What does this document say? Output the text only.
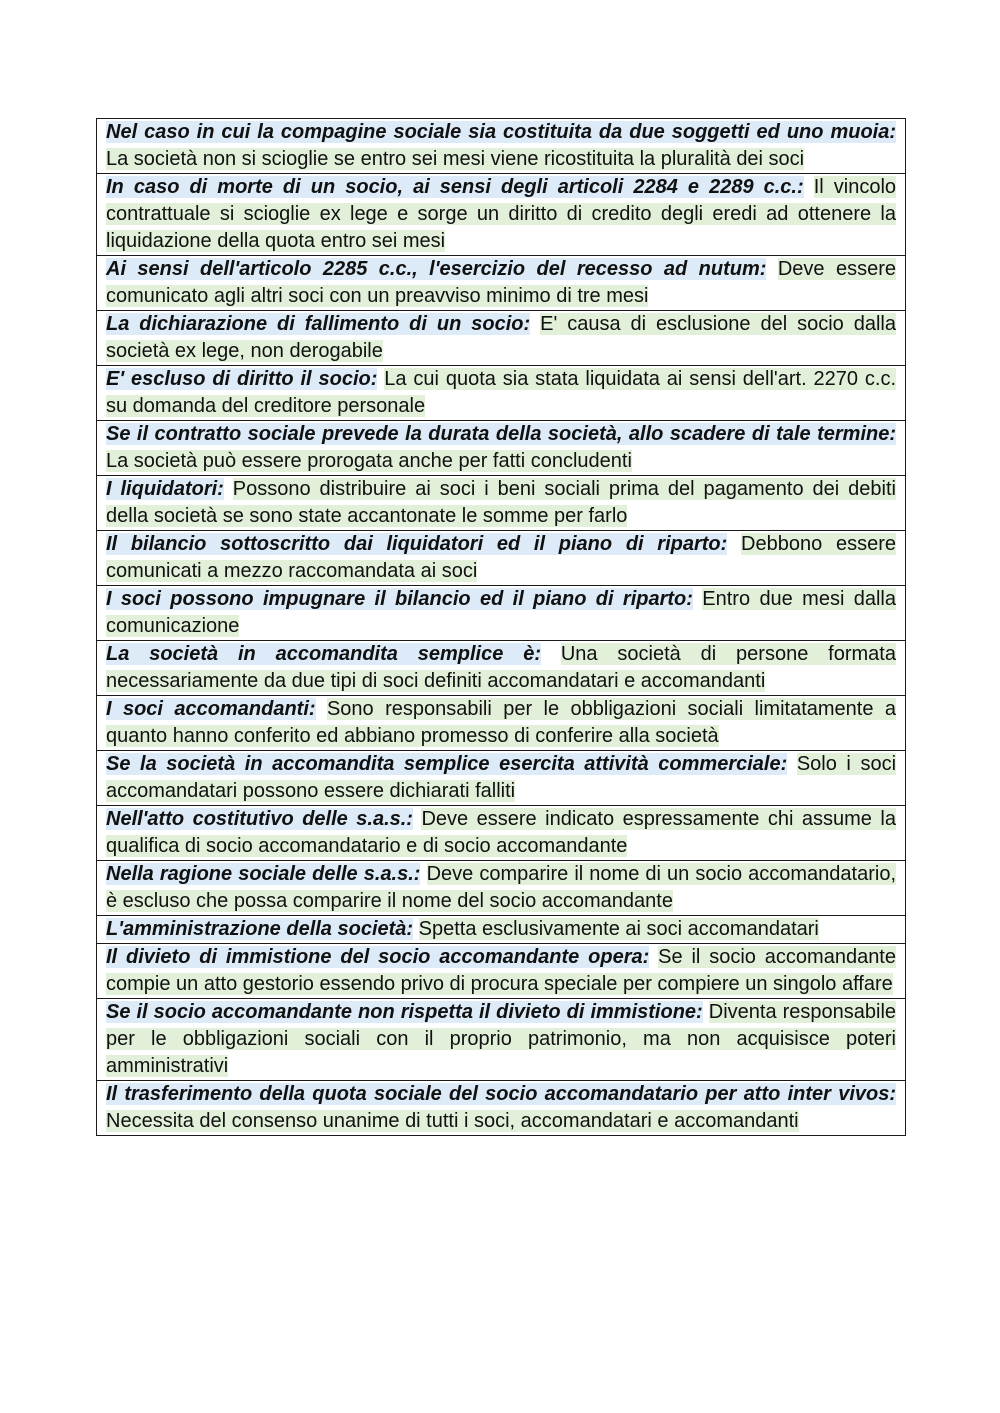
Nel caso in cui la compagine sociale sia costituita da due soggetti ed uno muoia: La società non si scioglie se entro sei mesi viene ricostituita la pluralità dei soci
In caso di morte di un socio, ai sensi degli articoli 2284 e 2289 c.c.: Il vincolo contrattuale si scioglie ex lege e sorge un diritto di credito degli eredi ad ottenere la liquidazione della quota entro sei mesi
Ai sensi dell'articolo 2285 c.c., l'esercizio del recesso ad nutum: Deve essere comunicato agli altri soci con un preavviso minimo di tre mesi
La dichiarazione di fallimento di un socio: E' causa di esclusione del socio dalla società ex lege, non derogabile
E' escluso di diritto il socio: La cui quota sia stata liquidata ai sensi dell'art. 2270 c.c. su domanda del creditore personale
Se il contratto sociale prevede la durata della società, allo scadere di tale termine: La società può essere prorogata anche per fatti concludenti
I liquidatori: Possono distribuire ai soci i beni sociali prima del pagamento dei debiti della società se sono state accantonate le somme per farlo
Il bilancio sottoscritto dai liquidatori ed il piano di riparto: Debbono essere comunicati a mezzo raccomandata ai soci
I soci possono impugnare il bilancio ed il piano di riparto: Entro due mesi dalla comunicazione
La società in accomandita semplice è: Una società di persone formata necessariamente da due tipi di soci definiti accomandatari e accomandanti
I soci accomandanti: Sono responsabili per le obbligazioni sociali limitatamente a quanto hanno conferito ed abbiano promesso di conferire alla società
Se la società in accomandita semplice esercita attività commerciale: Solo i soci accomandatari possono essere dichiarati falliti
Nell'atto costitutivo delle s.a.s.: Deve essere indicato espressamente chi assume la qualifica di socio accomandatario e di socio accomandante
Nella ragione sociale delle s.a.s.: Deve comparire il nome di un socio accomandatario, è escluso che possa comparire il nome del socio accomandante
L'amministrazione della società: Spetta esclusivamente ai soci accomandatari
Il divieto di immistione del socio accomandante opera: Se il socio accomandante compie un atto gestorio essendo privo di procura speciale per compiere un singolo affare
Se il socio accomandante non rispetta il divieto di immistione: Diventa responsabile per le obbligazioni sociali con il proprio patrimonio, ma non acquisisce poteri amministrativi
Il trasferimento della quota sociale del socio accomandatario per atto inter vivos: Necessita del consenso unanime di tutti i soci, accomandatari e accomandanti
